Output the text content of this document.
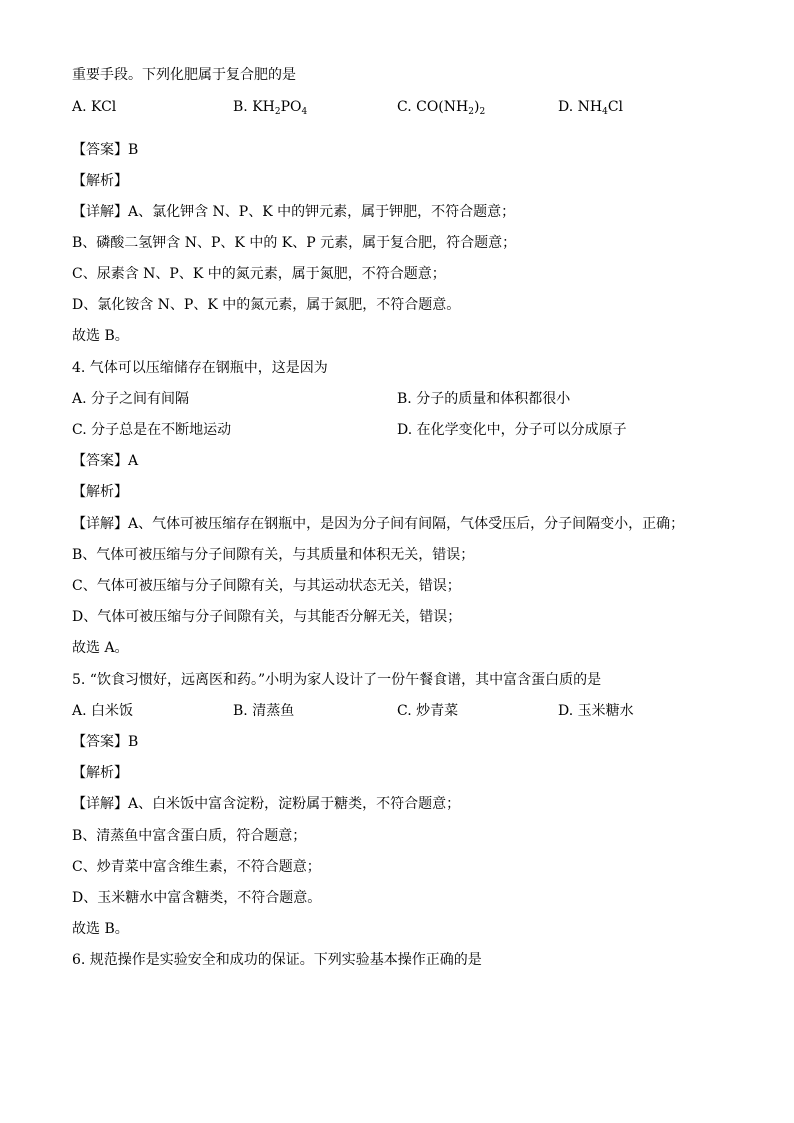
重要手段。下列化肥属于复合肥的是
A. KCl	B. $KH_2PO_4$	C. $CO(NH_2)_2$	D. $NH_4Cl$
【答案】B
【解析】
【详解】A、氯化钾含 N、P、K 中的钾元素，属于钾肥，不符合题意；
B、磷酸二氢钾含 N、P、K 中的 K、P 元素，属于复合肥，符合题意；
C、尿素含 N、P、K 中的氮元素，属于氮肥，不符合题意；
D、氯化铵含 N、P、K 中的氮元素，属于氮肥，不符合题意。
故选 B。
4. 气体可以压缩储存在钢瓶中，这是因为
A. 分子之间有间隔	B. 分子的质量和体积都很小
C. 分子总是在不断地运动	D. 在化学变化中，分子可以分成原子
【答案】A
【解析】
【详解】A、气体可被压缩存在钢瓶中，是因为分子间有间隔，气体受压后，分子间隔变小，正确；
B、气体可被压缩与分子间隙有关，与其质量和体积无关，错误；
C、气体可被压缩与分子间隙有关，与其运动状态无关，错误；
D、气体可被压缩与分子间隙有关，与其能否分解无关，错误；
故选 A。
5. “饮食习惯好，远离医和药。”小明为家人设计了一份午餐食谱，其中富含蛋白质的是
A. 白米饭	B. 清蒸鱼	C. 炒青菜	D. 玉米糖水
【答案】B
【解析】
【详解】A、白米饭中富含淀粉，淀粉属于糖类，不符合题意；
B、清蒸鱼中富含蛋白质，符合题意；
C、炒青菜中富含维生素，不符合题意；
D、玉米糖水中富含糖类，不符合题意。
故选 B。
6. 规范操作是实验安全和成功的保证。下列实验基本操作正确的是
